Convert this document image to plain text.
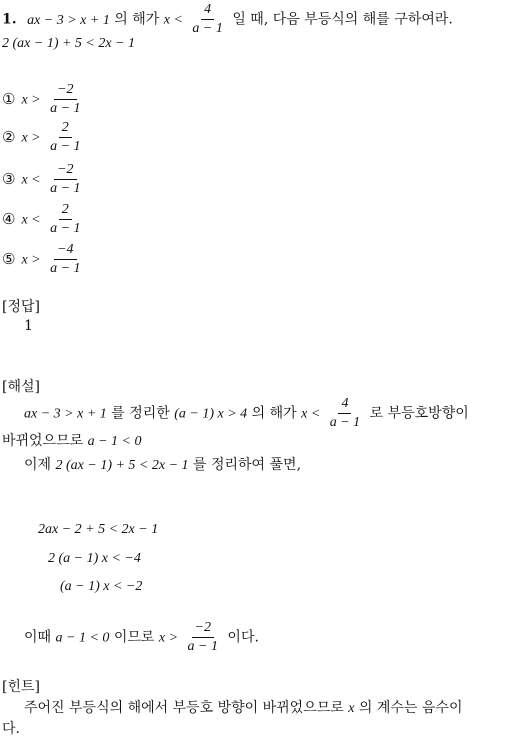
1. ax − 3 > x + 1 의 해가 $x < \frac{4}{a - 1}$ 일 때, 다음 부등식의 해를 구하여라.
2 (ax − 1) + 5 < 2x − 1
① $x > \frac{-2}{a - 1}$
② $x > \frac{2}{a - 1}$
③ $x < \frac{-2}{a - 1}$
④ $x < \frac{2}{a - 1}$
⑤ $x > \frac{-4}{a - 1}$
[정답]
1
[해설]
ax − 3 > x + 1 를 정리한 (a − 1) x > 4 의 해가 $x < \frac{4}{a - 1}$ 로 부등호방향이
바뀌었으므로 a − 1 < 0
이제 2 (ax − 1) + 5 < 2x − 1 를 정리하여 풀면,
2ax − 2 + 5 < 2x − 1
2 (a − 1) x < −4
(a − 1) x < −2
이때 a − 1 < 0 이므로 $x > \frac{-2}{a - 1}$ 이다.
[힌트]
주어진 부등식의 해에서 부등호 방향이 바뀌었으므로 x 의 계수는 음수이
다.
